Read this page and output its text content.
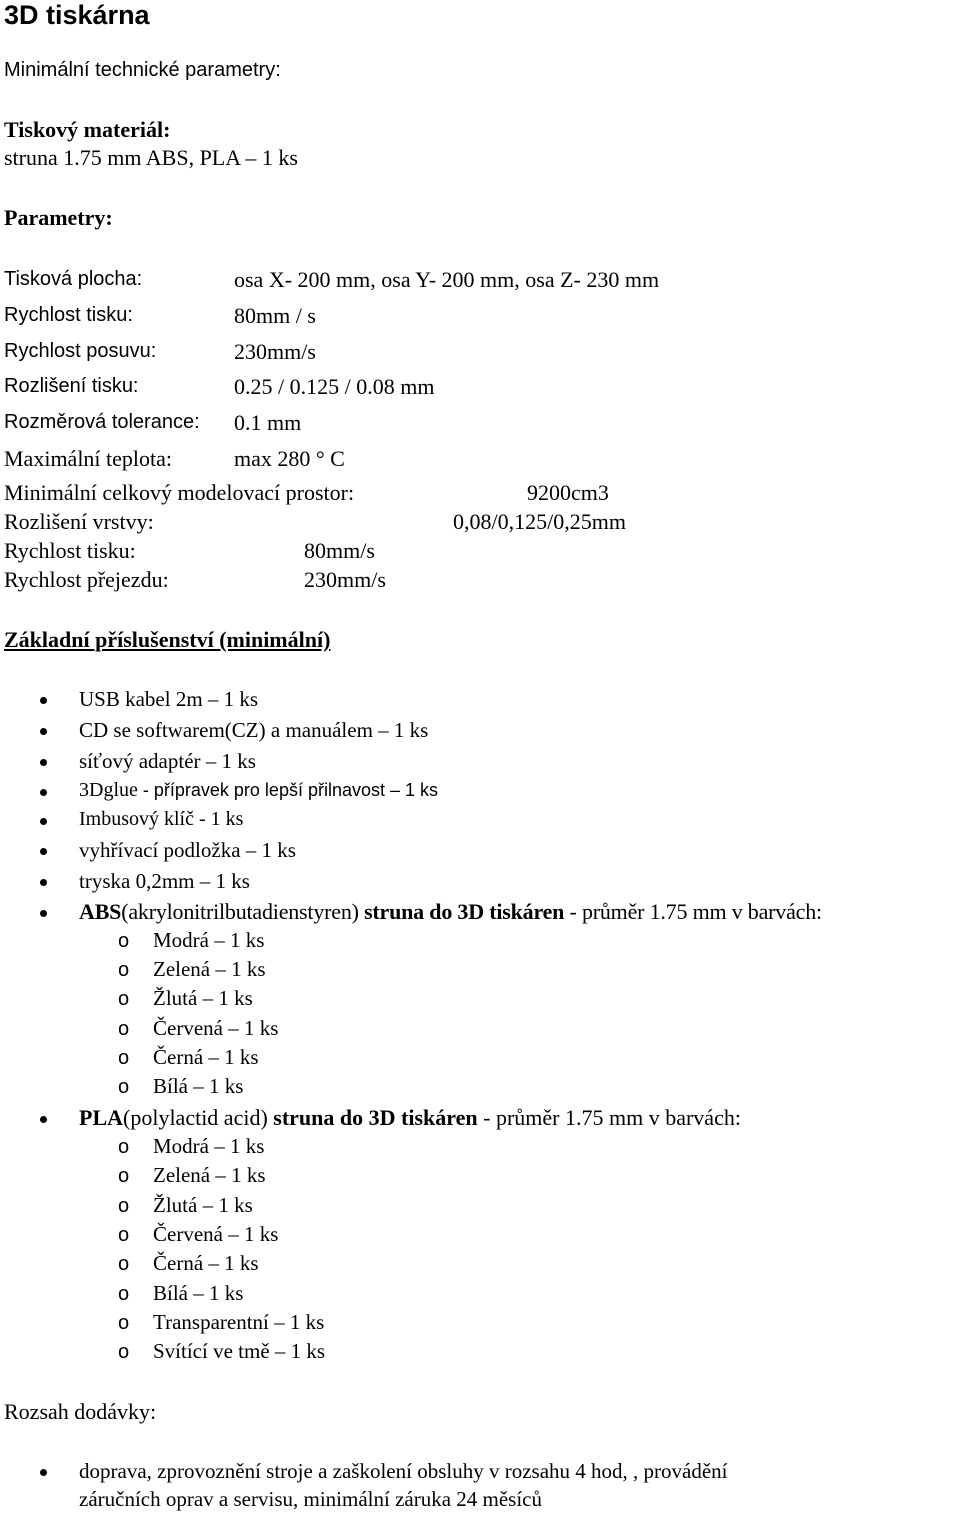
3D tiskárna
Minimální technické parametry:
Tiskový materiál:
struna 1.75 mm ABS, PLA – 1 ks
Parametry:
Tisková plocha:	osa X- 200 mm, osa Y- 200 mm, osa Z- 230 mm
Rychlost tisku:	80mm / s
Rychlost posuvu:	230mm/s
Rozlišení tisku:	0.25 / 0.125 / 0.08 mm
Rozměrová tolerance: 0.1 mm
Maximální teplota:	max 280 ° C
Minimální celkový modelovací prostor:	9200cm3
Rozlišení vrstvy:	0,08/0,125/0,25mm
Rychlost tisku:	80mm/s
Rychlost přejezdu:	230mm/s
Základní příslušenství (minimální)
USB kabel 2m – 1 ks
CD se softwarem(CZ) a manuálem – 1 ks
síťový adaptér – 1 ks
3Dglue - přípravek pro lepší přilnavost – 1 ks
Imbusový klíč - 1 ks
vyhřívací podložka – 1 ks
tryska 0,2mm – 1 ks
ABS(akrylonitrilbutadienstyren) struna do 3D tiskáren - průměr 1.75 mm v barvách:
o Modrá – 1 ks
o Zelená – 1 ks
o Žlutá – 1 ks
o Červená – 1 ks
o Černá – 1 ks
o Bílá – 1 ks
PLA(polylactid acid) struna do 3D tiskáren - průměr 1.75 mm v barvách:
o Modrá – 1 ks
o Zelená – 1 ks
o Žlutá – 1 ks
o Červená – 1 ks
o Černá – 1 ks
o Bílá – 1 ks
o Transparentní – 1 ks
o Svítící ve tmě – 1 ks
Rozsah dodávky:
doprava, zprovoznění stroje a zaškolení obsluhy v rozsahu 4 hod, , provádění
záručních oprav a servisu, minimální záruka 24 měsíců
